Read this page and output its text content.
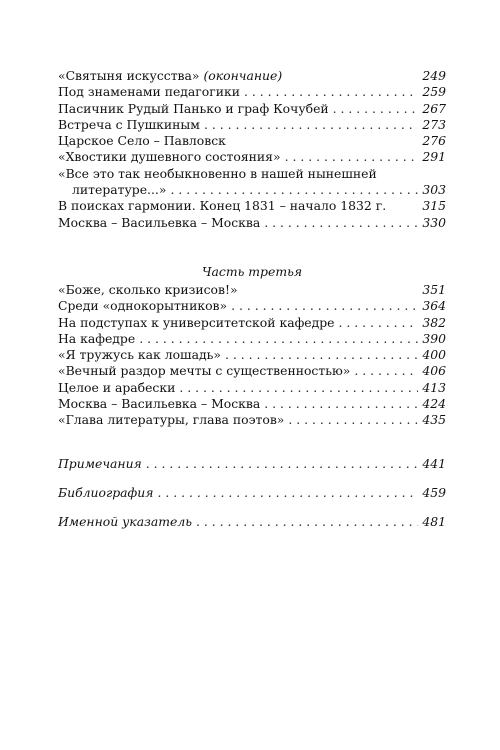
«Святыня искусства» (окончание)	249
Под знаменами педагогики . . .	259
Пасичник Рудый Панько и граф Кочубей . . .	267
Встреча с Пушкиным . . .	273
Царское Село – Павловск	276
«Хвостики душевного состояния» . . .	291
«Все это так необыкновенно в нашей нынешней
литературе...» . . .	303
В поисках гармонии. Конец 1831 – начало 1832 г.	315
Москва – Васильевка – Москва . . .	330
Часть третья
«Боже, сколько кризисов!»	351
Среди «однокорытников» . . .	364
На подступах к университетской кафедре . . .	382
На кафедре . . .	390
«Я тружусь как лошадь» . . .	400
«Вечный раздор мечты с существенностью» . . .	406
Целое и арабески . . .	413
Москва – Васильевка – Москва . . .	424
«Глава литературы, глава поэтов» . . .	435
Примечания . . .	441
Библиография . . .	459
Именной указатель . . .	481
